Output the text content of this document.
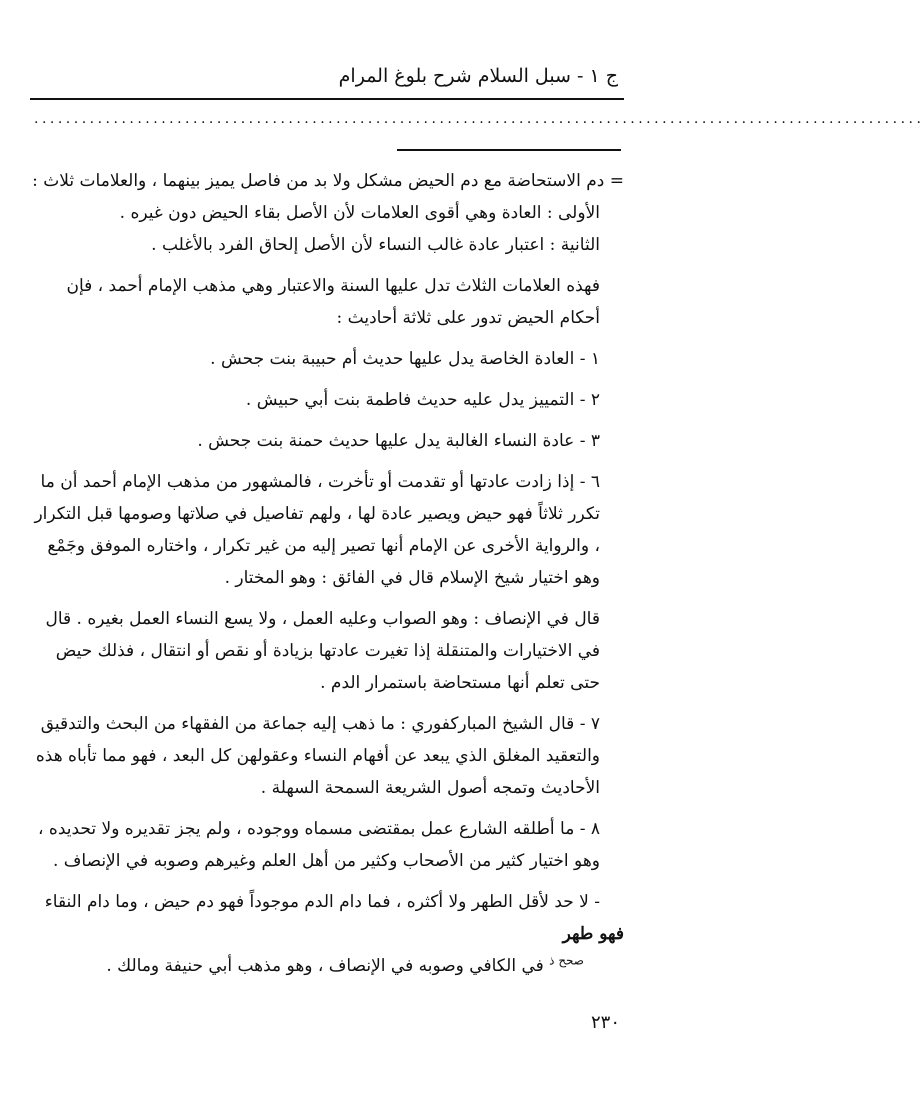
ج ١ - سبل السلام شرح بلوغ المرام
................................................................................................................

= دم الاستحاضة مع دم الحيض مشكل ولا بد من فاصل يميز بينهما ، والعلامات ثلاث :

الأولى : العادة وهي أقوى العلامات لأن الأصل بقاء الحيض دون غيره .

الثانية : اعتبار عادة غالب النساء لأن الأصل إلحاق الفرد بالأغلب .

فهذه العلامات الثلاث تدل عليها السنة والاعتبار وهي مذهب الإمام أحمد ، فإن أحكام الحيض تدور على ثلاثة أحاديث :

١ - العادة الخاصة يدل عليها حديث أم حبيبة بنت جحش .

٢ - التمييز يدل عليه حديث فاطمة بنت أبي حبيش .

٣ - عادة النساء الغالبة يدل عليها حديث حمنة بنت جحش .

٦ - إذا زادت عادتها أو تقدمت أو تأخرت ، فالمشهور من مذهب الإمام أحمد أن ما تكرر ثلاثاً فهو حيض ويصير عادة لها ، ولهم تفاصيل في صلاتها وصومها قبل التكرار ، والرواية الأخرى عن الإمام أنها تصير إليه من غير تكرار ، واختاره الموفق وجَمْع وهو اختيار شيخ الإسلام قال في الفائق : وهو المختار .

قال في الإنصاف : وهو الصواب وعليه العمل ، ولا يسع النساء العمل بغيره . قال في الاختيارات والمتنقلة إذا تغيرت عادتها بزيادة أو نقص أو انتقال ، فذلك حيض حتى تعلم أنها مستحاضة باستمرار الدم .

٧ - قال الشيخ المباركفوري : ما ذهب إليه جماعة من الفقهاء من البحث والتدقيق والتعقيد المغلق الذي يبعد عن أفهام النساء وعقولهن كل البعد ، فهو مما تأباه هذه الأحاديث وتمجه أصول الشريعة السمحة السهلة .

٨ - ما أطلقه الشارع عمل بمقتضى مسماه ووجوده ، ولم يجز تقديره ولا تحديده ، وهو اختيار كثير من الأصحاب وكثير من أهل العلم وغيرهم وصوبه في الإنصاف .

- لا حد لأقل الطهر ولا أكثره ، فما دام الدم موجوداً فهو دم حيض ، وما دام النقاء

فهو طهر

$^{صحح ذ}$ في الكافي وصوبه في الإنصاف ، وهو مذهب أبي حنيفة ومالك .

٢٣٠
